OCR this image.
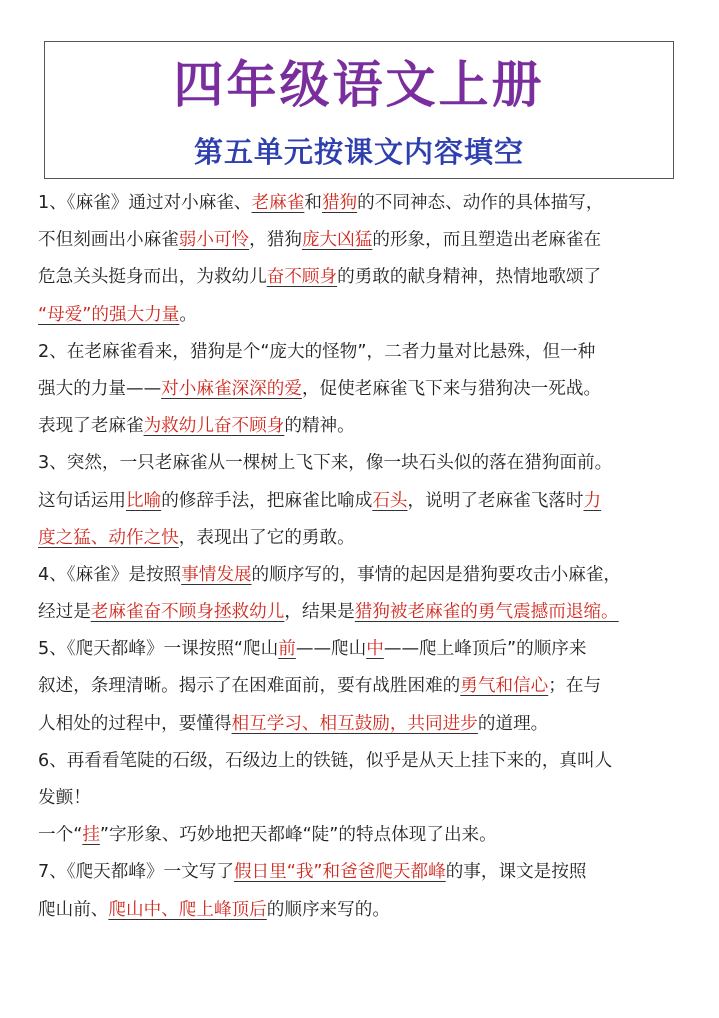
四年级语文上册
第五单元按课文内容填空
1、《麻雀》通过对小麻雀、老麻雀和猎狗的不同神态、动作的具体描写，
不但刻画出小麻雀弱小可怜，猎狗庞大凶猛的形象，而且塑造出老麻雀在
危急关头挺身而出，为救幼儿奋不顾身的勇敢的献身精神，热情地歌颂了
“母爱”的强大力量。
2、在老麻雀看来，猎狗是个“庞大的怪物”，二者力量对比悬殊，但一种
强大的力量——对小麻雀深深的爱，促使老麻雀飞下来与猎狗决一死战。
表现了老麻雀为救幼儿奋不顾身的精神。
3、突然，一只老麻雀从一棵树上飞下来，像一块石头似的落在猎狗面前。
这句话运用比喻的修辞手法，把麻雀比喻成石头，说明了老麻雀飞落时力
度之猛、动作之快，表现出了它的勇敢。
4、《麻雀》是按照事情发展的顺序写的，事情的起因是猎狗要攻击小麻雀，
经过是老麻雀奋不顾身拯救幼儿，结果是猎狗被老麻雀的勇气震撼而退缩。
5、《爬天都峰》一课按照“爬山前——爬山中——爬上峰顶后”的顺序来
叙述，条理清晰。揭示了在困难面前，要有战胜困难的勇气和信心；在与
人相处的过程中，要懂得相互学习、相互鼓励，共同进步的道理。
6、再看看笔陡的石级，石级边上的铁链，似乎是从天上挂下来的，真叫人
发颤！
一个“挂”字形象、巧妙地把天都峰“陡”的特点体现了出来。
7、《爬天都峰》一文写了假日里“我”和爸爸爬天都峰的事，课文是按照
爬山前、爬山中、爬上峰顶后的顺序来写的。
